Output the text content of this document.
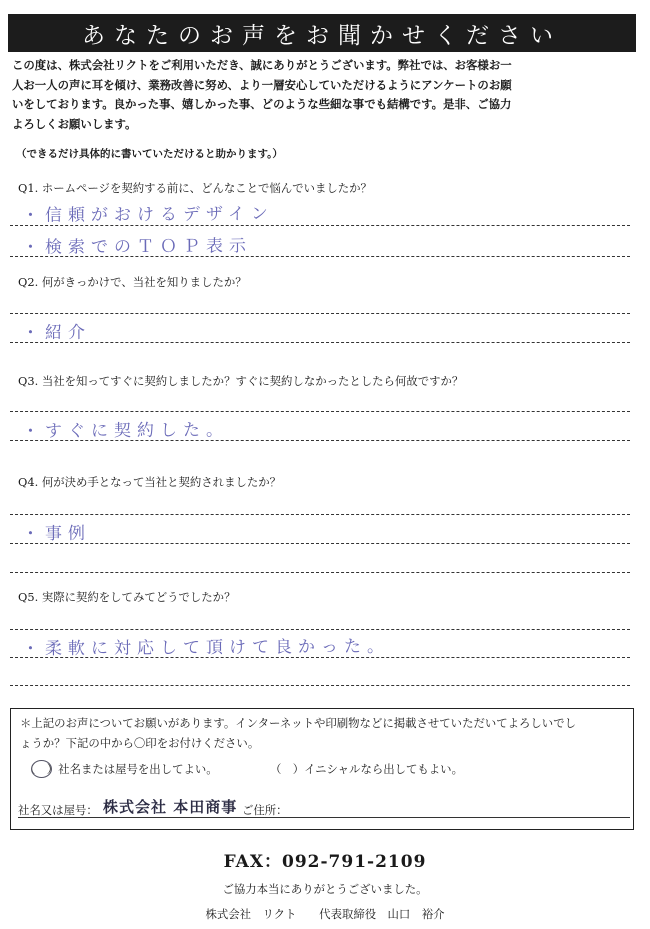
あなたのお声をお聞かせください
この度は、株式会社リクトをご利用いただき、誠にありがとうございます。弊社では、お客様お一
人お一人の声に耳を傾け、業務改善に努め、より一層安心していただけるようにアンケートのお願
いをしております。良かった事、嬉しかった事、どのような些細な事でも結構です。是非、ご協力
よろしくお願いします。
（できるだけ具体的に書いていただけると助かります。）
Q1. ホームページを契約する前に、どんなことで悩んでいましたか？
・信頼がおけるデザイン
・検索でのＴＯＰ表示
Q2. 何がきっかけで、当社を知りましたか？
・紹介
Q3. 当社を知ってすぐに契約しましたか？すぐに契約しなかったとしたら何故ですか？
・すぐに契約した。
Q4. 何が決め手となって当社と契約されましたか？
・事例
Q5. 実際に契約をしてみてどうでしたか？
・柔軟に対応して頂けて良かった。
＊上記のお声についてお願いがあります。インターネットや印刷物などに掲載させていただいてよろしいでし
ょうか？下記の中から〇印をお付けください。
（　）社名または屋号を出してよい。	（　）イニシャルなら出してもよい。
社名又は屋号： 株式会社 本田商事 ご住所：
FAX：092-791-2109
ご協力本当にありがとうございました。
株式会社　リクト　　代表取締役　山口　裕介
